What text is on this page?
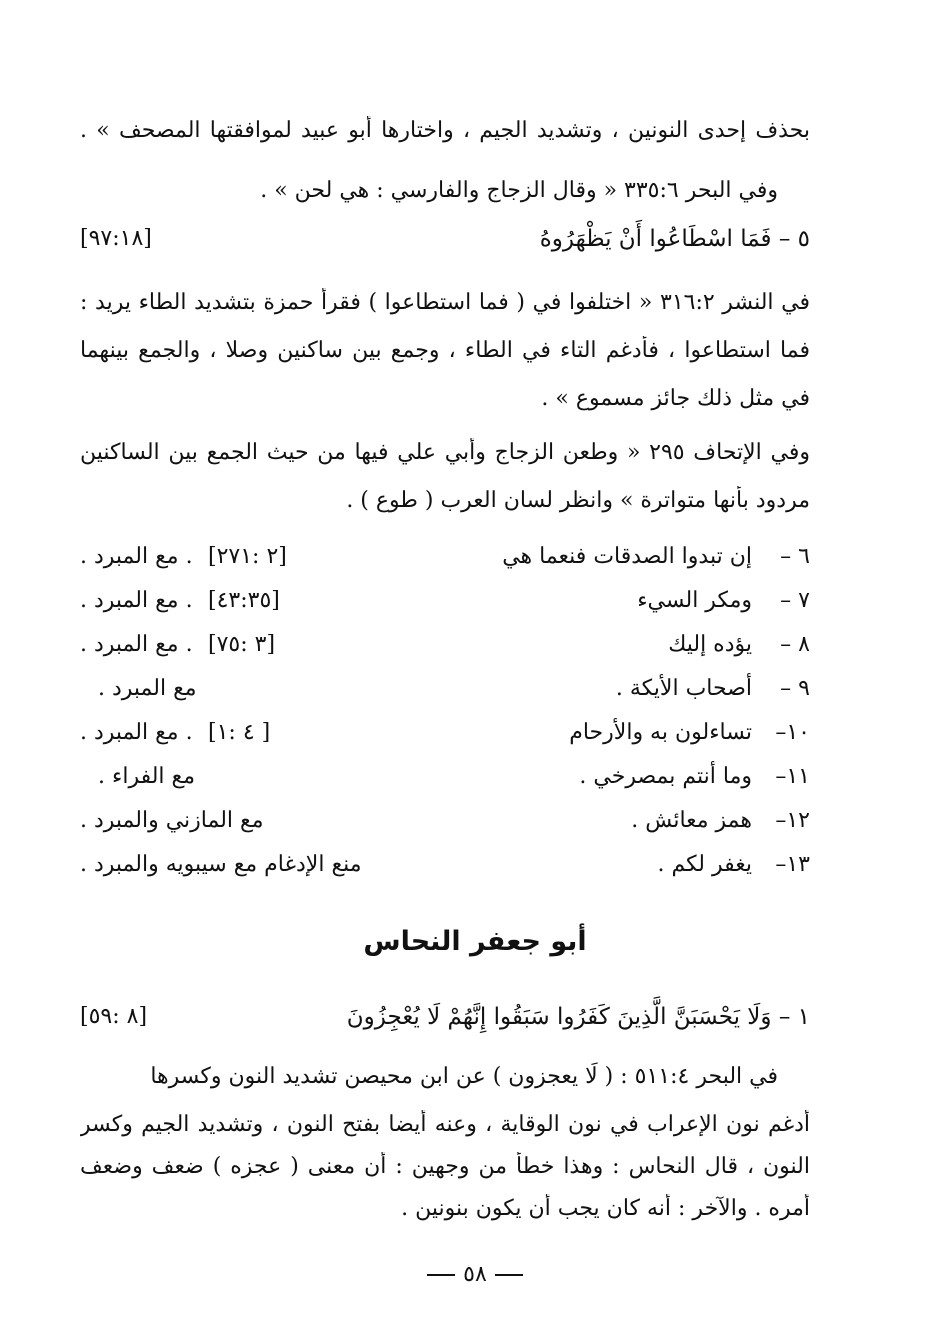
بحذف إحدى النونين ، وتشديد الجيم ، واختارها أبو عبيد لموافقتها المصحف » .
وفي البحر ٣٣٥:٦ « وقال الزجاج والفارسي : هي لحن » .
٥ – فَمَا اسْطَاعُوا أَنْ يَظْهَرُوهُ
[٩٧:١٨]
في النشر ٣١٦:٢ « اختلفوا في ( فما استطاعوا ) فقرأ حمزة بتشديد الطاء يريد :
فما استطاعوا ، فأدغم التاء في الطاء ، وجمع بين ساكنين وصلا ، والجمع بينهما
في مثل ذلك جائز مسموع » .
وفي الإتحاف ٢٩٥ « وطعن الزجاج وأبي علي فيها من حيث الجمع بين الساكنين
مردود بأنها متواترة » وانظر لسان العرب ( طوع ) .
٦ –
إن تبدوا الصدقات فنعما هي
. مع المبرد . [٢ :٢٧١]
٧ –
ومكر السيء
. مع المبرد . [٤٣:٣٥]
٨ –
يؤده إليك
. مع المبرد . [٣ :٧٥]
٩ –
أصحاب الأيكة .
مع المبرد .
١٠–
تساءلون به والأرحام
. مع المبرد . [٤ :١ ]
١١–
وما أنتم بمصرخي .
مع الفراء .
١٢–
همز معائش .
مع المازني والمبرد .
١٣–
يغفر لكم .
منع الإدغام مع سيبويه والمبرد .
أبو جعفر النحاس
١ – وَلَا يَحْسَبَنَّ الَّذِينَ كَفَرُوا سَبَقُوا إِنَّهُمْ لَا يُعْجِزُونَ
[٨ :٥٩]
في البحر ٥١١:٤ : ( لَا يعجزون ) عن ابن محيصن تشديد النون وكسرها
أدغم نون الإعراب في نون الوقاية ، وعنه أيضا بفتح النون ، وتشديد الجيم وكسر
النون ، قال النحاس : وهذا خطأ من وجهين : أن معنى ( عجزه ) ضعف وضعف
أمره . والآخر : أنه كان يجب أن يكون بنونين .
٥٨
